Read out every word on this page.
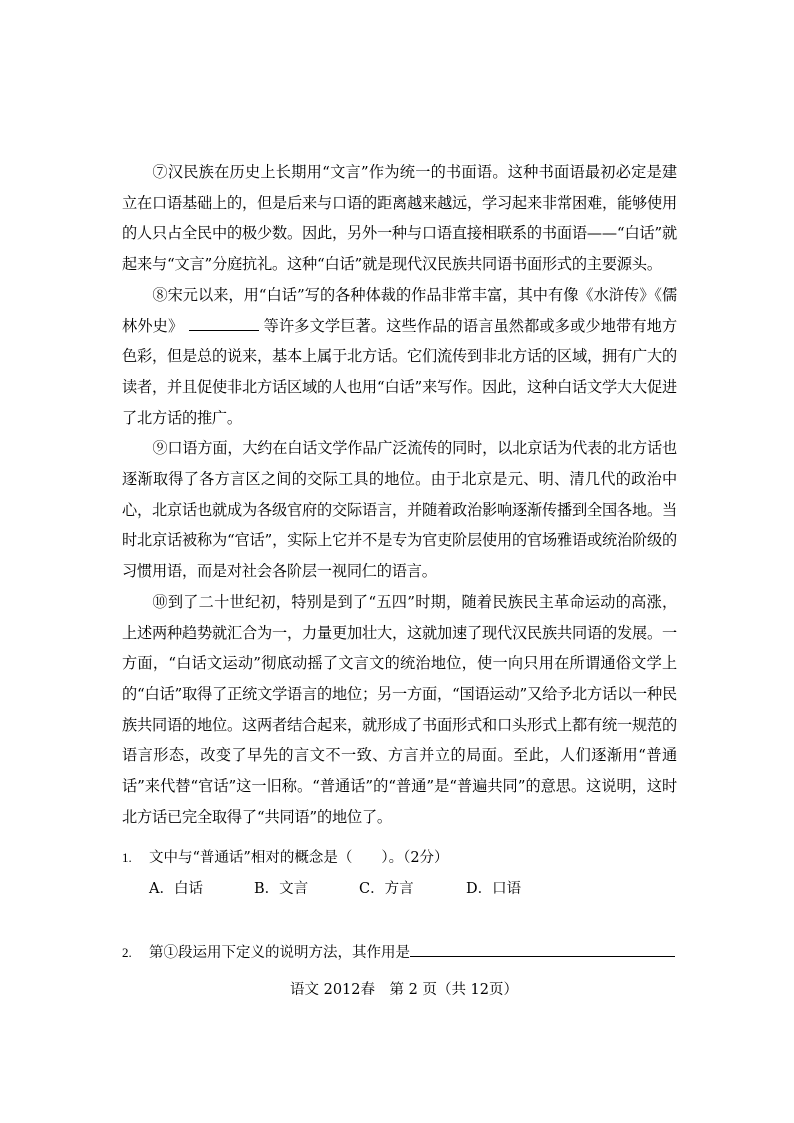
⑦汉民族在历史上长期用“文言”作为统一的书面语。这种书面语最初必定是建立在口语基础上的，但是后来与口语的距离越来越远，学习起来非常困难，能够使用的人只占全民中的极少数。因此，另外一种与口语直接相联系的书面语——“白话”就起来与“文言”分庭抗礼。这种“白话”就是现代汉民族共同语书面形式的主要源头。

⑧宋元以来，用“白话”写的各种体裁的作品非常丰富，其中有像《水浒传》《儒林外史》	等许多文学巨著。这些作品的语言虽然都或多或少地带有地方色彩，但是总的说来，基本上属于北方话。它们流传到非北方话的区域，拥有广大的读者，并且促使非北方话区域的人也用“白话”来写作。因此，这种白话文学大大促进了北方话的推广。

⑨口语方面，大约在白话文学作品广泛流传的同时，以北京话为代表的北方话也逐渐取得了各方言区之间的交际工具的地位。由于北京是元、明、清几代的政治中心，北京话也就成为各级官府的交际语言，并随着政治影响逐渐传播到全国各地。当时北京话被称为“官话”，实际上它并不是专为官吏阶层使用的官场雅语或统治阶级的习惯用语，而是对社会各阶层一视同仁的语言。

⑩到了二十世纪初，特别是到了“五四”时期，随着民族民主革命运动的高涨，上述两种趋势就汇合为一，力量更加壮大，这就加速了现代汉民族共同语的发展。一方面，“白话文运动”彻底动摇了文言文的统治地位，使一向只用在所谓通俗文学上的“白话”取得了正统文学语言的地位；另一方面，“国语运动”又给予北方话以一种民族共同语的地位。这两者结合起来，就形成了书面形式和口头形式上都有统一规范的语言形态，改变了早先的言文不一致、方言并立的局面。至此，人们逐渐用“普通话”来代替“官话”这一旧称。“普通话”的“普通”是“普遍共同”的意思。这说明，这时北方话已完全取得了“共同语”的地位了。

1. 文中与“普通话”相对的概念是（　　）。（2分）
A．白话	B．文言	C．方言	D．口语
2. 第①段运用下定义的说明方法，其作用是
语文 2012春　第 2 页（共 12页）
